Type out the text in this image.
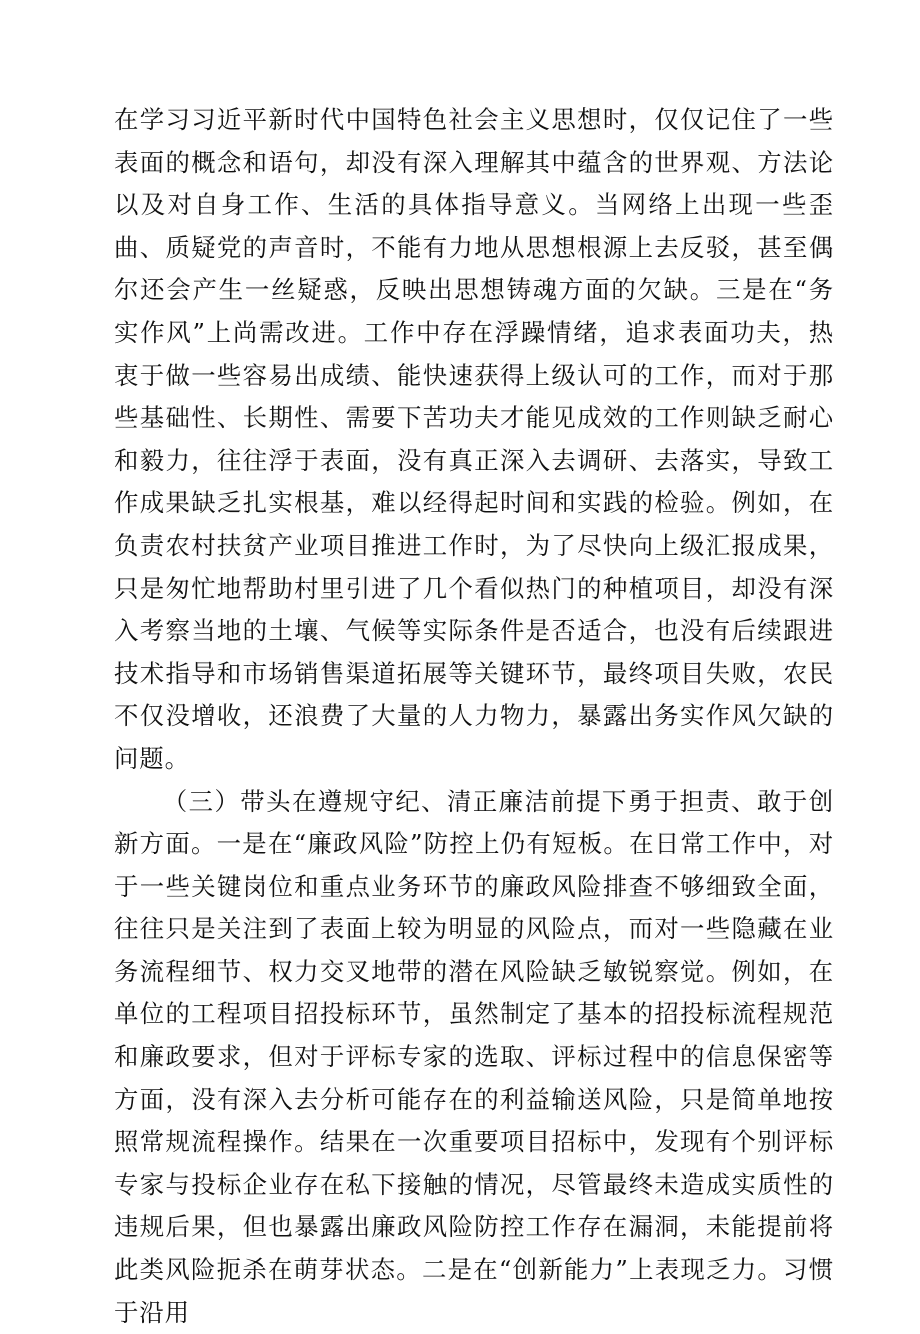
在学习习近平新时代中国特色社会主义思想时，仅仅记住了一些表面的概念和语句，却没有深入理解其中蕴含的世界观、方法论以及对自身工作、生活的具体指导意义。当网络上出现一些歪曲、质疑党的声音时，不能有力地从思想根源上去反驳，甚至偶尔还会产生一丝疑惑，反映出思想铸魂方面的欠缺。三是在“务实作风”上尚需改进。工作中存在浮躁情绪，追求表面功夫，热衷于做一些容易出成绩、能快速获得上级认可的工作，而对于那些基础性、长期性、需要下苦功夫才能见成效的工作则缺乏耐心和毅力，往往浮于表面，没有真正深入去调研、去落实，导致工作成果缺乏扎实根基，难以经得起时间和实践的检验。例如，在负责农村扶贫产业项目推进工作时，为了尽快向上级汇报成果，只是匆忙地帮助村里引进了几个看似热门的种植项目，却没有深入考察当地的土壤、气候等实际条件是否适合，也没有后续跟进技术指导和市场销售渠道拓展等关键环节，最终项目失败，农民不仅没增收，还浪费了大量的人力物力，暴露出务实作风欠缺的问题。

（三）带头在遵规守纪、清正廉洁前提下勇于担责、敢于创新方面。一是在“廉政风险”防控上仍有短板。在日常工作中，对于一些关键岗位和重点业务环节的廉政风险排查不够细致全面，往往只是关注到了表面上较为明显的风险点，而对一些隐藏在业务流程细节、权力交叉地带的潜在风险缺乏敏锐察觉。例如，在单位的工程项目招投标环节，虽然制定了基本的招投标流程规范和廉政要求，但对于评标专家的选取、评标过程中的信息保密等方面，没有深入去分析可能存在的利益输送风险，只是简单地按照常规流程操作。结果在一次重要项目招标中，发现有个别评标专家与投标企业存在私下接触的情况，尽管最终未造成实质性的违规后果，但也暴露出廉政风险防控工作存在漏洞，未能提前将此类风险扼杀在萌芽状态。二是在“创新能力”上表现乏力。习惯于沿用
